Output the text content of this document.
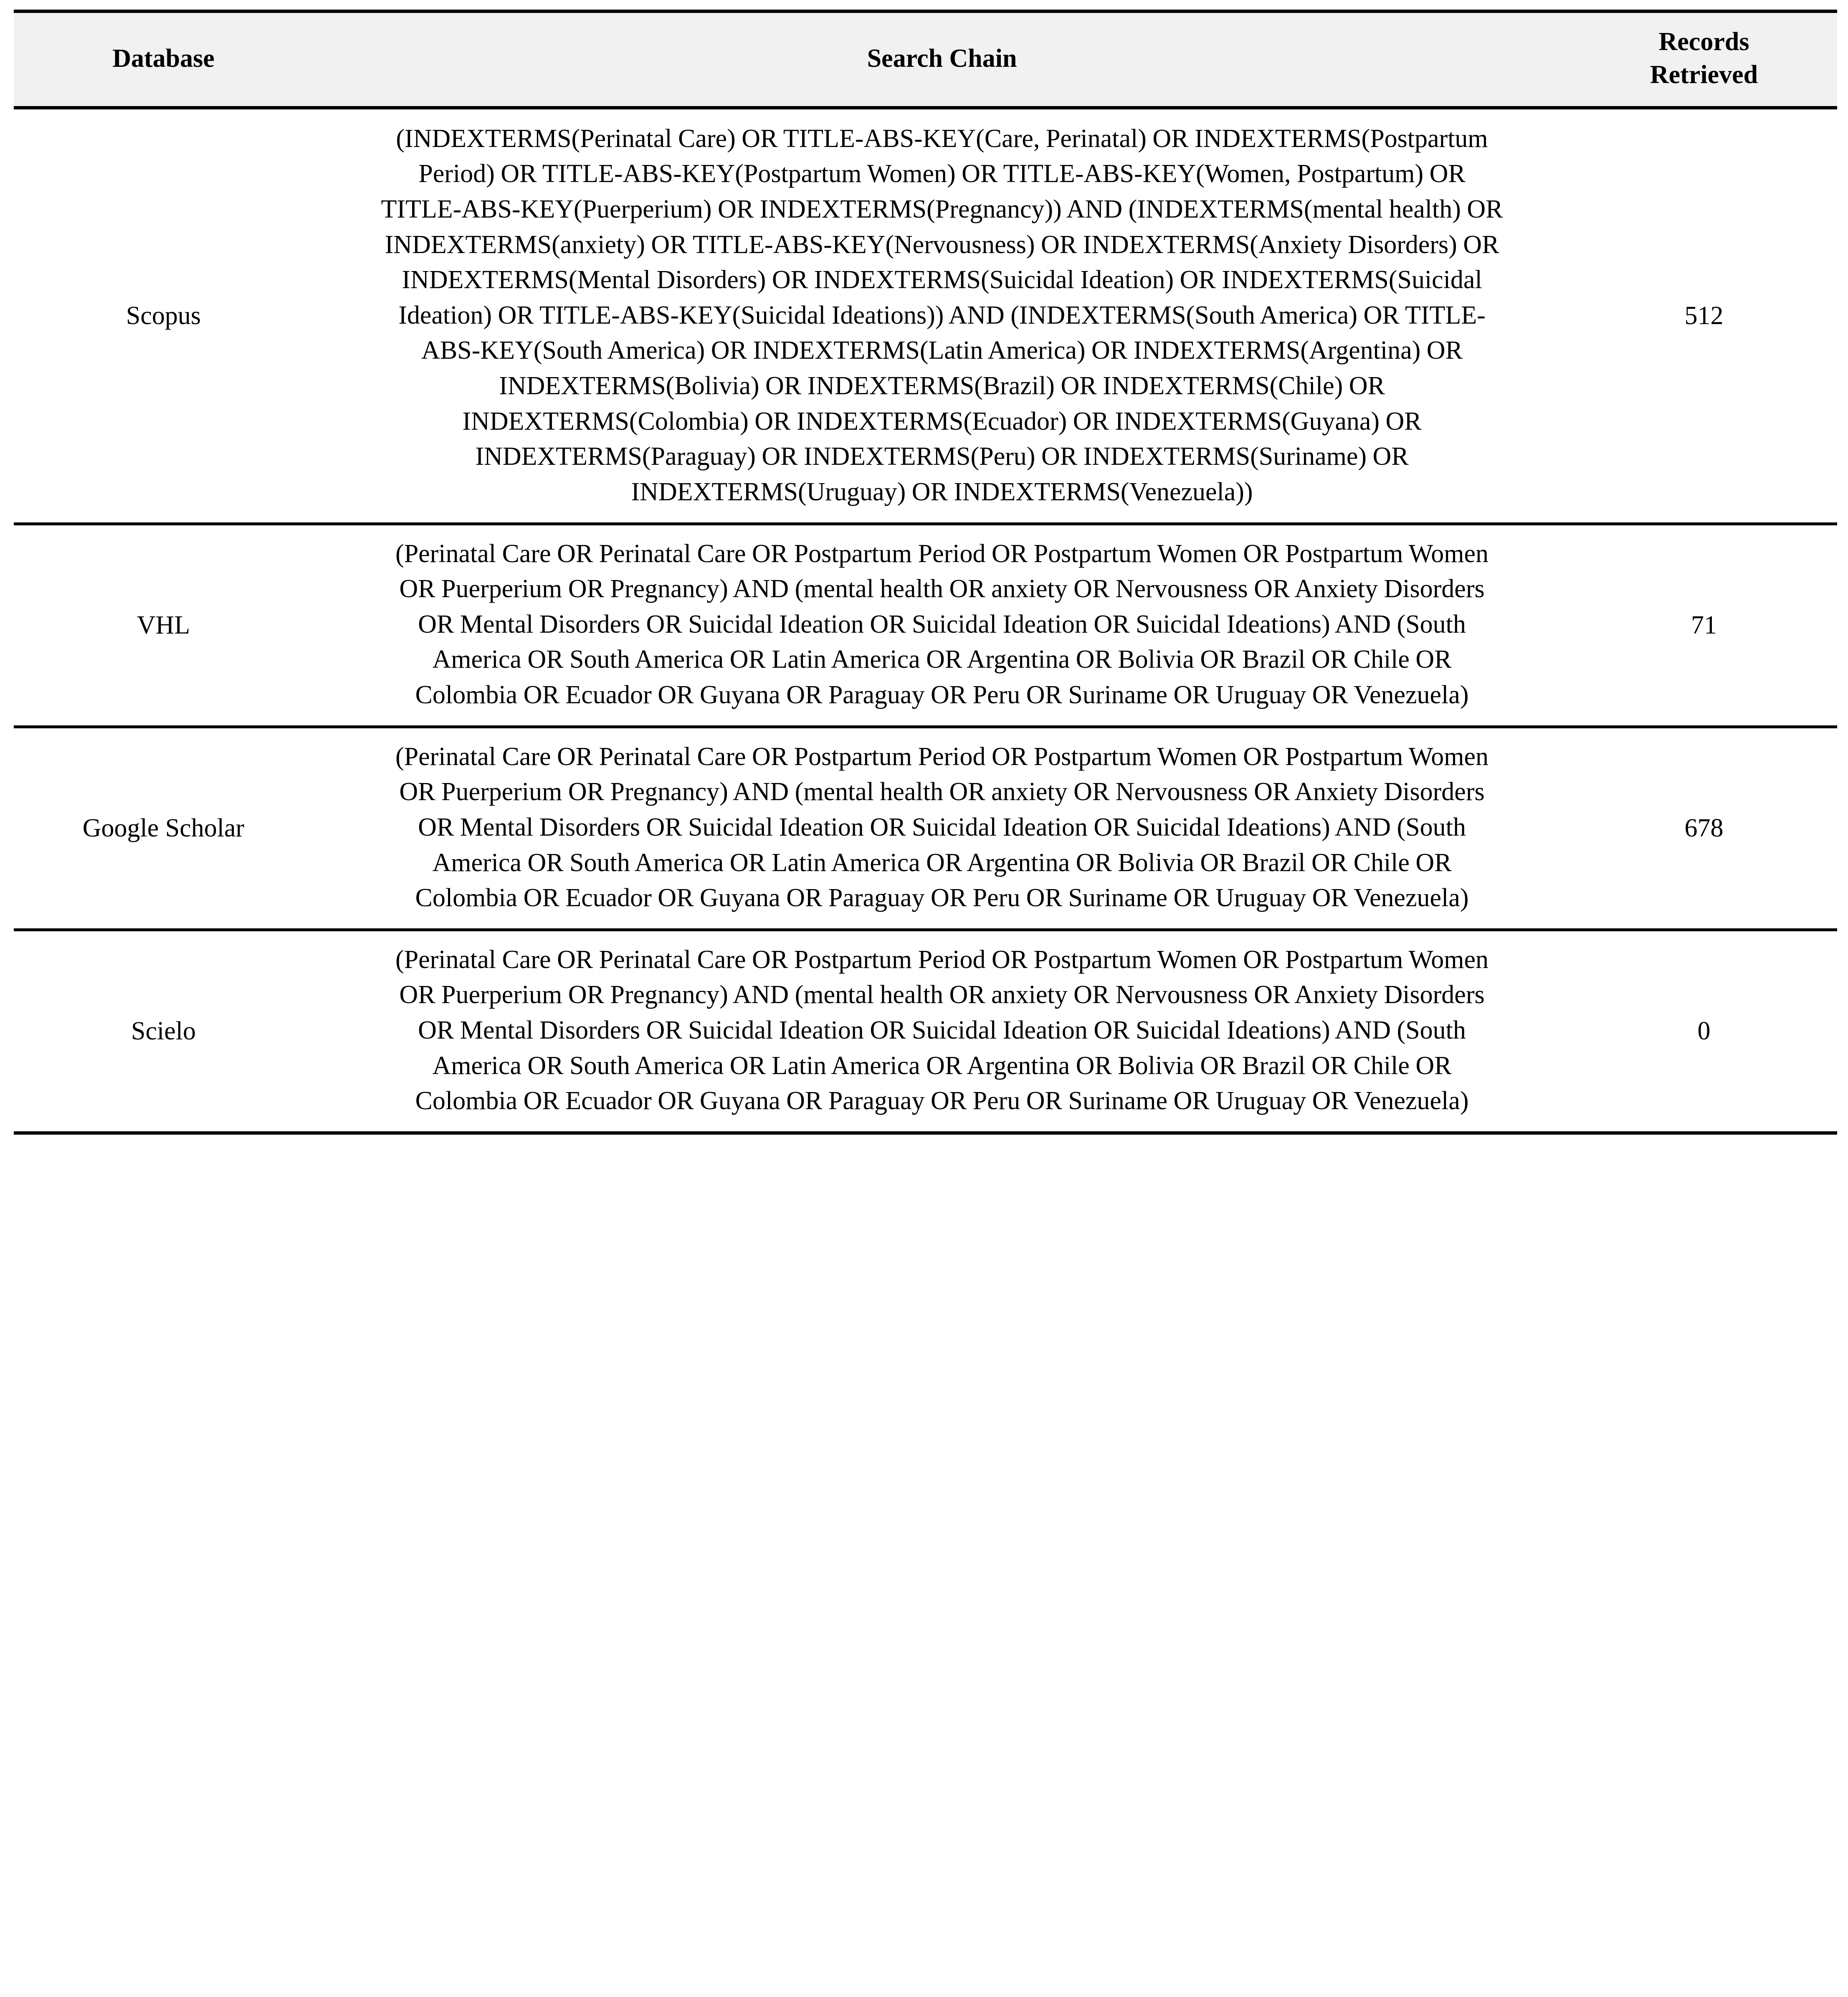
Database	Search Chain	Records
Retrieved

Scopus	(INDEXTERMS(Perinatal Care) OR TITLE-ABS-KEY(Care, Perinatal) OR INDEXTERMS(Postpartum Period) OR TITLE-ABS-KEY(Postpartum Women) OR TITLE-ABS-KEY(Women, Postpartum) OR TITLE-ABS-KEY(Puerperium) OR INDEXTERMS(Pregnancy)) AND (INDEXTERMS(mental health) OR INDEXTERMS(anxiety) OR TITLE-ABS-KEY(Nervousness) OR INDEXTERMS(Anxiety Disorders) OR INDEXTERMS(Mental Disorders) OR INDEXTERMS(Suicidal Ideation) OR INDEXTERMS(Suicidal Ideation) OR TITLE-ABS-KEY(Suicidal Ideations)) AND (INDEXTERMS(South America) OR TITLE-ABS-KEY(South America) OR INDEXTERMS(Latin America) OR INDEXTERMS(Argentina) OR INDEXTERMS(Bolivia) OR INDEXTERMS(Brazil) OR INDEXTERMS(Chile) OR INDEXTERMS(Colombia) OR INDEXTERMS(Ecuador) OR INDEXTERMS(Guyana) OR INDEXTERMS(Paraguay) OR INDEXTERMS(Peru) OR INDEXTERMS(Suriname) OR INDEXTERMS(Uruguay) OR INDEXTERMS(Venezuela))	512
VHL	(Perinatal Care OR Perinatal Care OR Postpartum Period OR Postpartum Women OR Postpartum Women OR Puerperium OR Pregnancy) AND (mental health OR anxiety OR Nervousness OR Anxiety Disorders OR Mental Disorders OR Suicidal Ideation OR Suicidal Ideation OR Suicidal Ideations) AND (South America OR South America OR Latin America OR Argentina OR Bolivia OR Brazil OR Chile OR Colombia OR Ecuador OR Guyana OR Paraguay OR Peru OR Suriname OR Uruguay OR Venezuela)	71
Google Scholar	(Perinatal Care OR Perinatal Care OR Postpartum Period OR Postpartum Women OR Postpartum Women OR Puerperium OR Pregnancy) AND (mental health OR anxiety OR Nervousness OR Anxiety Disorders OR Mental Disorders OR Suicidal Ideation OR Suicidal Ideation OR Suicidal Ideations) AND (South America OR South America OR Latin America OR Argentina OR Bolivia OR Brazil OR Chile OR Colombia OR Ecuador OR Guyana OR Paraguay OR Peru OR Suriname OR Uruguay OR Venezuela)	678
Scielo	(Perinatal Care OR Perinatal Care OR Postpartum Period OR Postpartum Women OR Postpartum Women OR Puerperium OR Pregnancy) AND (mental health OR anxiety OR Nervousness OR Anxiety Disorders OR Mental Disorders OR Suicidal Ideation OR Suicidal Ideation OR Suicidal Ideations) AND (South America OR South America OR Latin America OR Argentina OR Bolivia OR Brazil OR Chile OR Colombia OR Ecuador OR Guyana OR Paraguay OR Peru OR Suriname OR Uruguay OR Venezuela)	0
